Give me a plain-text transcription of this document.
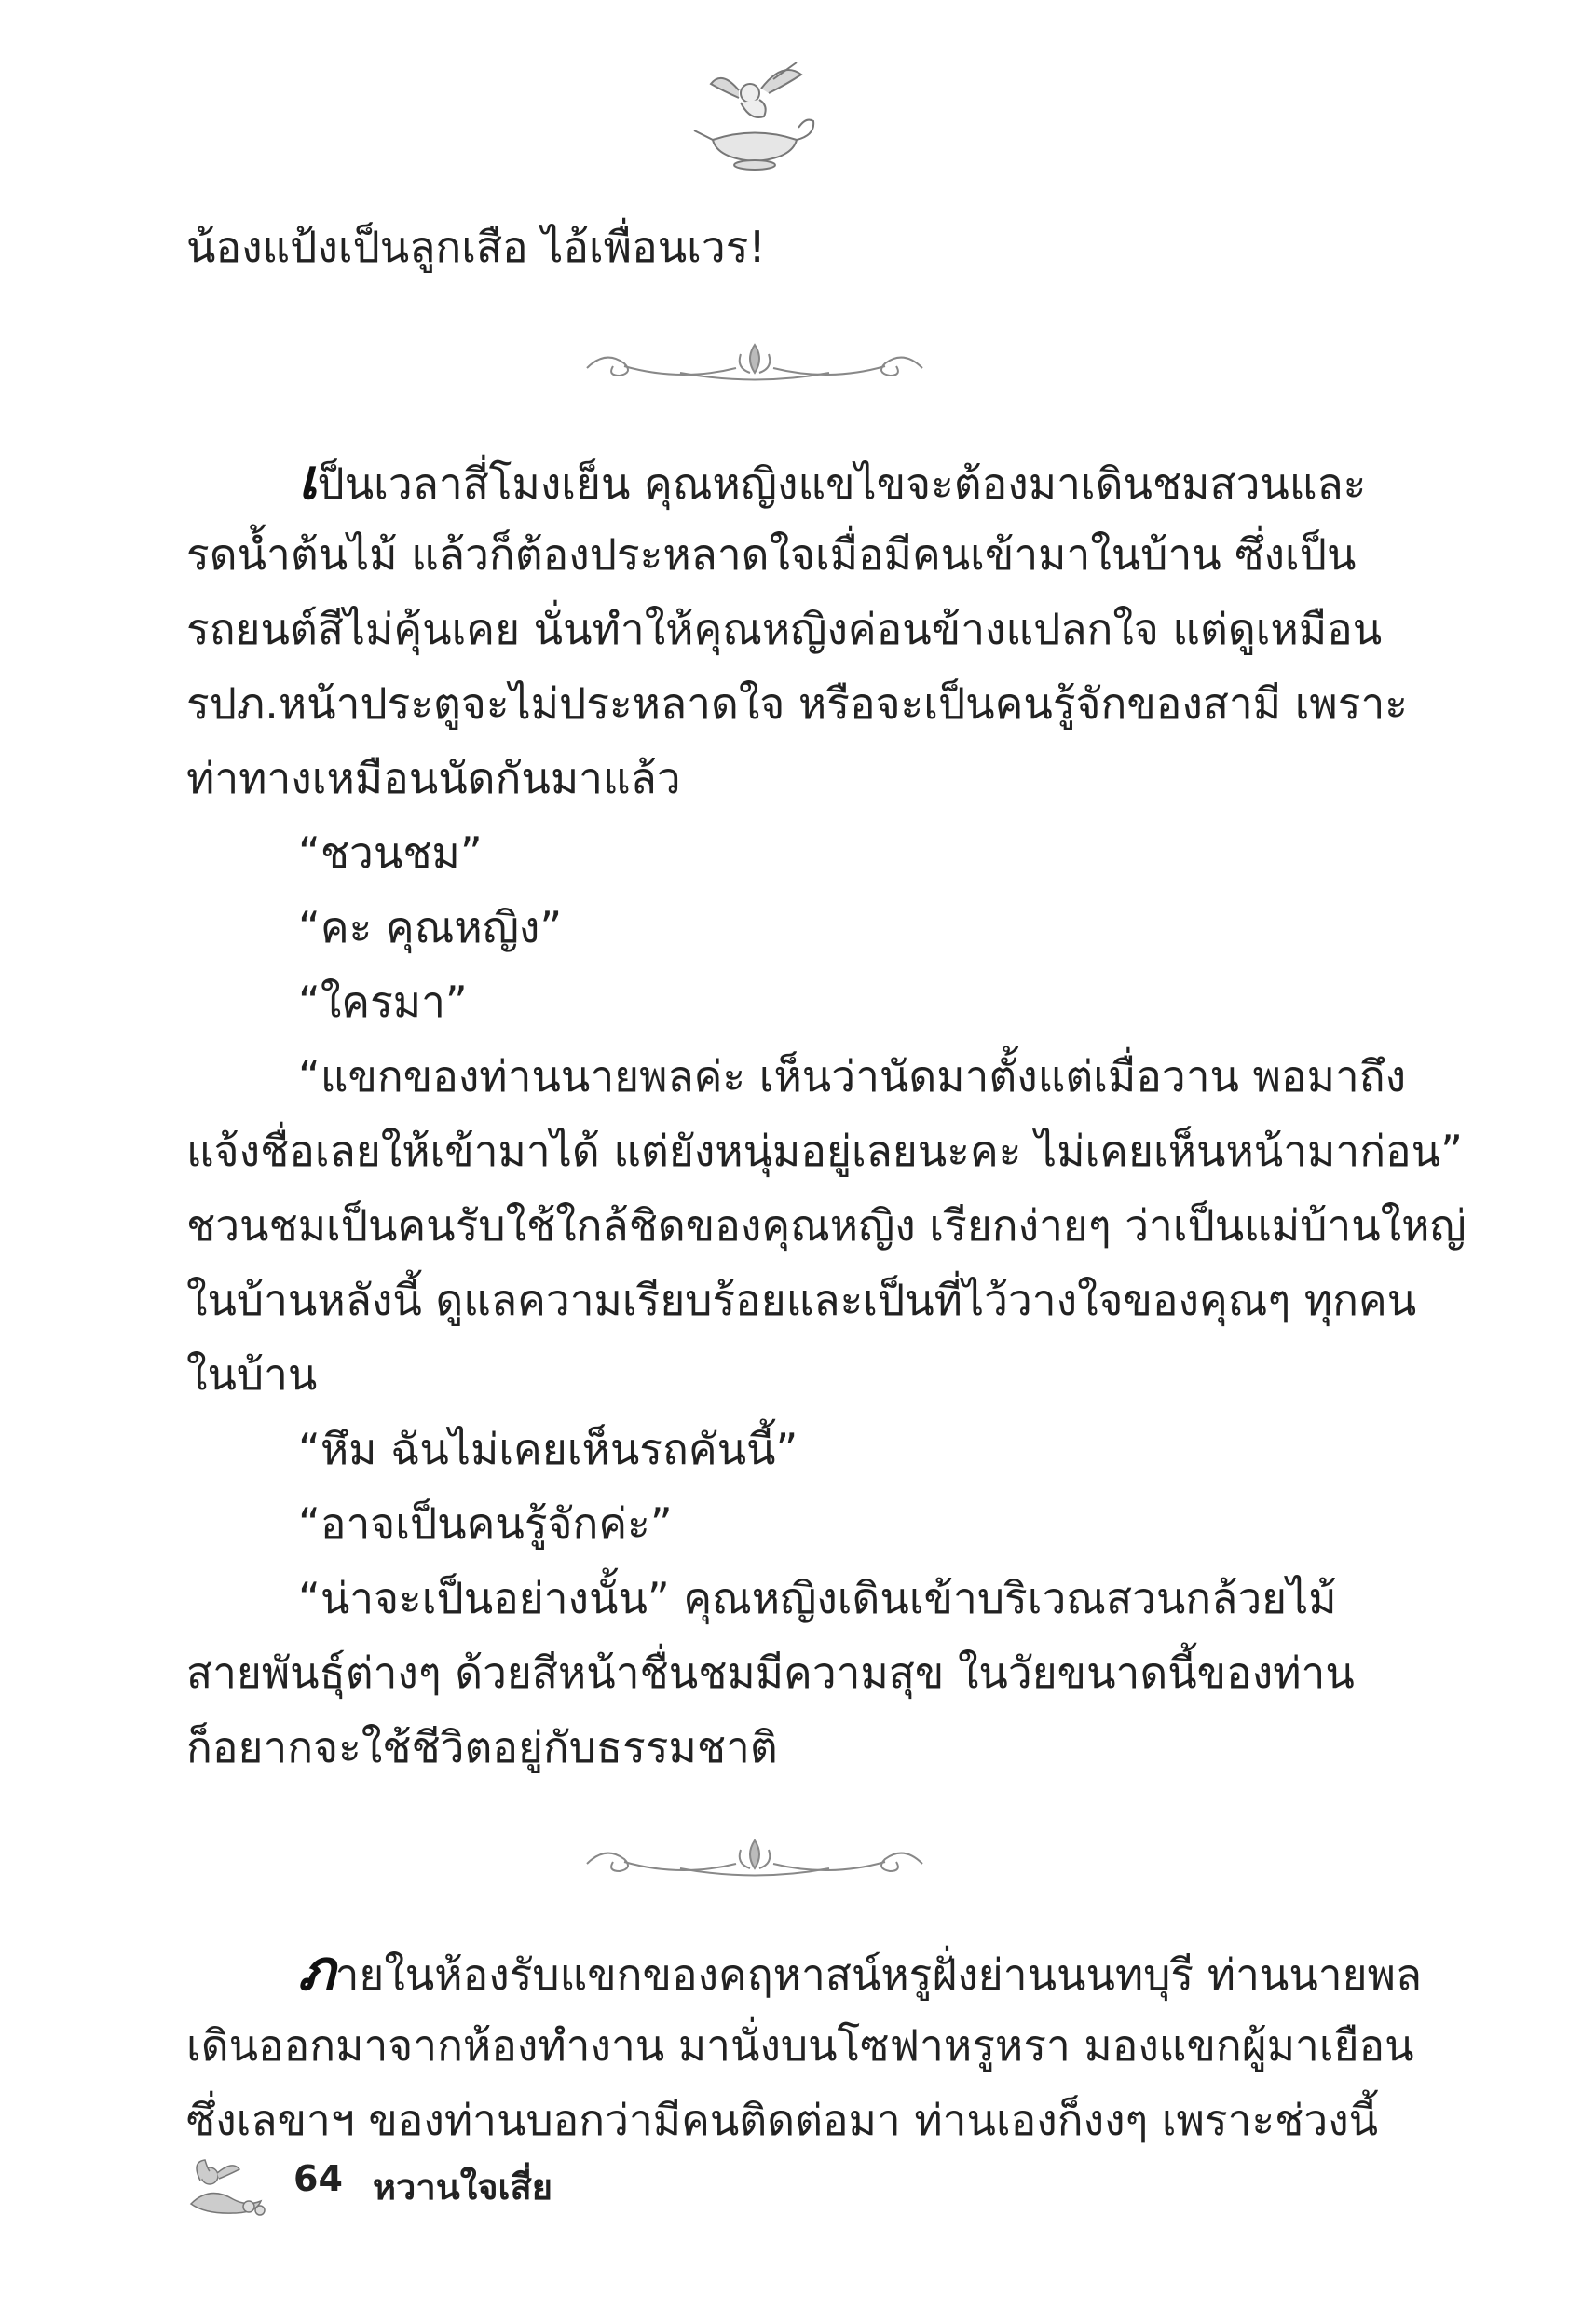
น้องแป้งเป็นลูกเสือ ไอ้เพื่อนเวร!
เป็นเวลาสี่โมงเย็น คุณหญิงแขไขจะต้องมาเดินชมสวนและ
รดน้ำต้นไม้ แล้วก็ต้องประหลาดใจเมื่อมีคนเข้ามาในบ้าน ซึ่งเป็น
รถยนต์สีไม่คุ้นเคย นั่นทำให้คุณหญิงค่อนข้างแปลกใจ แต่ดูเหมือน
รปภ.หน้าประตูจะไม่ประหลาดใจ หรือจะเป็นคนรู้จักของสามี เพราะ
ท่าทางเหมือนนัดกันมาแล้ว
“ชวนชม”
“คะ คุณหญิง”
“ใครมา”
“แขกของท่านนายพลค่ะ เห็นว่านัดมาตั้งแต่เมื่อวาน พอมาถึง
แจ้งชื่อเลยให้เข้ามาได้ แต่ยังหนุ่มอยู่เลยนะคะ ไม่เคยเห็นหน้ามาก่อน”
ชวนชมเป็นคนรับใช้ใกล้ชิดของคุณหญิง เรียกง่ายๆ ว่าเป็นแม่บ้านใหญ่
ในบ้านหลังนี้ ดูแลความเรียบร้อยและเป็นที่ไว้วางใจของคุณๆ ทุกคน
ในบ้าน
“หึม ฉันไม่เคยเห็นรถคันนี้”
“อาจเป็นคนรู้จักค่ะ”
“น่าจะเป็นอย่างนั้น” คุณหญิงเดินเข้าบริเวณสวนกล้วยไม้
สายพันธุ์ต่างๆ ด้วยสีหน้าชื่นชมมีความสุข ในวัยขนาดนี้ของท่าน
ก็อยากจะใช้ชีวิตอยู่กับธรรมชาติ
ภายในห้องรับแขกของคฤหาสน์หรูฝั่งย่านนนทบุรี ท่านนายพล
เดินออกมาจากห้องทำงาน มานั่งบนโซฟาหรูหรา มองแขกผู้มาเยือน
ซึ่งเลขาฯ ของท่านบอกว่ามีคนติดต่อมา ท่านเองก็งงๆ เพราะช่วงนี้
64 หวานใจเสี่ย
